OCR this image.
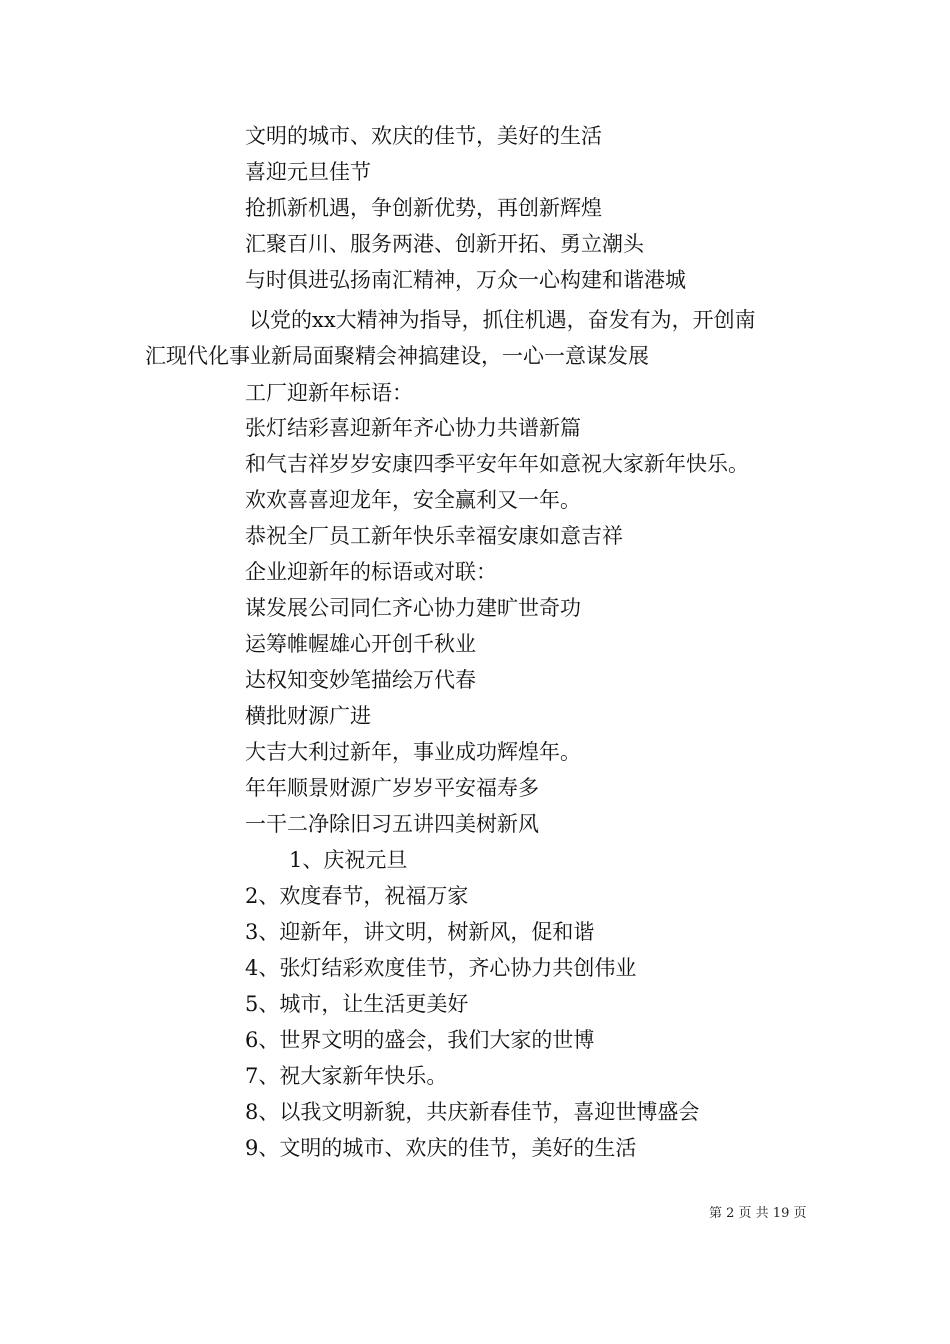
文明的城市、欢庆的佳节，美好的生活
喜迎元旦佳节
抢抓新机遇，争创新优势，再创新辉煌
汇聚百川、服务两港、创新开拓、勇立潮头
与时俱进弘扬南汇精神，万众一心构建和谐港城
以党的xx大精神为指导，抓住机遇，奋发有为，开创南
汇现代化事业新局面聚精会神搞建设，一心一意谋发展
工厂迎新年标语：
张灯结彩喜迎新年齐心协力共谱新篇
和气吉祥岁岁安康四季平安年年如意祝大家新年快乐。
欢欢喜喜迎龙年，安全赢利又一年。
恭祝全厂员工新年快乐幸福安康如意吉祥
企业迎新年的标语或对联：
谋发展公司同仁齐心协力建旷世奇功
运筹帷幄雄心开创千秋业
达权知变妙笔描绘万代春
横批财源广进
大吉大利过新年，事业成功辉煌年。
年年顺景财源广岁岁平安福寿多
一干二净除旧习五讲四美树新风
1、庆祝元旦
2、欢度春节，祝福万家
3、迎新年，讲文明，树新风，促和谐
4、张灯结彩欢度佳节，齐心协力共创伟业
5、城市，让生活更美好
6、世界文明的盛会，我们大家的世博
7、祝大家新年快乐。
8、以我文明新貌，共庆新春佳节，喜迎世博盛会
9、文明的城市、欢庆的佳节，美好的生活
第 2 页 共 19 页
